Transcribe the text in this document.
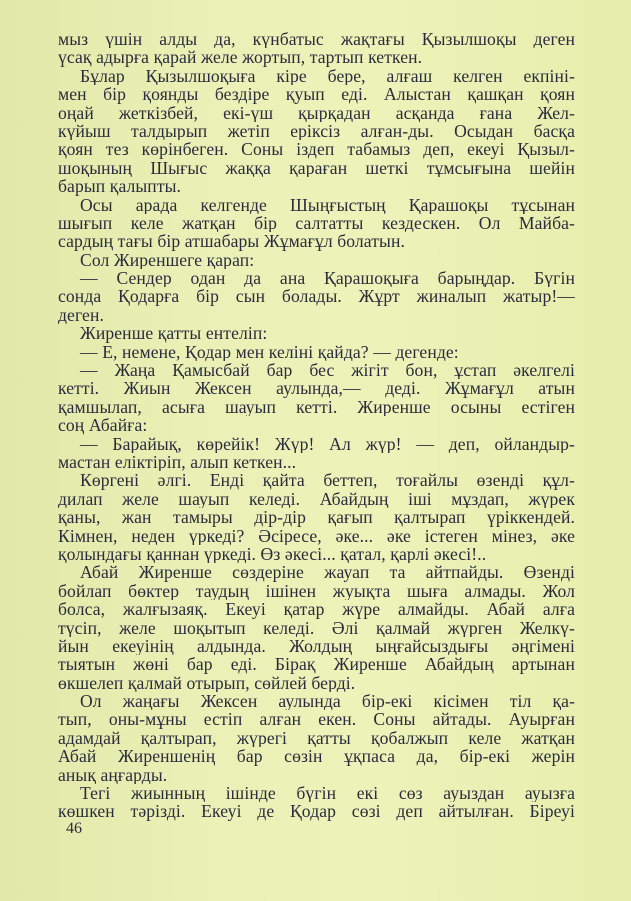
мыз үшін алды да, күнбатыс жақтағы Қызылшоқы деген
үсақ адырға қарай желе жортып, тартып кеткен.
Бұлар Қызылшоқыға кіре бере, алғаш келген екпіні-
мен бір қоянды бездіре қуып еді. Алыстан қашқан қоян
оңай жеткізбей, екі-үш қырқадан асқанда ғана Жел-
күйыш талдырып жетіп еріксіз алған-ды. Осыдан басқа
қоян тез көрінбеген. Соны іздеп табамыз деп, екеуі Қызыл-
шоқының Шығыс жаққа қараған шеткі тұмсығына шейін
барып қалыпты.
Осы арада келгенде Шыңғыстың Қарашоқы тұсынан
шығып келе жатқан бір салтатты кездескен. Ол Майба-
сардың тағы бір атшабары Жұмағұл болатын.
Сол Жиреншеге қарап:
— Сендер одан да ана Қарашоқыға барыңдар. Бүгін
сонда Қодарға бір сын болады. Жұрт жиналып жатыр!—
деген.
Жиренше қатты ентеліп:
— Е, немене, Қодар мен келіні қайда? — дегенде:
— Жаңа Қамысбай бар бес жігіт бон, ұстап әкелгелі
кетті. Жиын Жексен аулында,— деді. Жұмағұл атын
қамшылап, асыға шауып кетті. Жиренше осыны естіген
соң Абайға:
— Барайық, көрейік! Жүр! Ал жүр! — деп, ойландыр-
мастан еліктіріп, алып кеткен...
Көргені әлгі. Енді қайта беттеп, тоғайлы өзенді құл-
дилап желе шауып келеді. Абайдың іші мұздап, жүрек
қаны, жан тамыры дір-дір қағып қалтырап үріккендей.
Кімнен, неден үркеді? Әсіресе, әке... әке істеген мінез, әке
қолындағы қаннан үркеді. Өз әкесі... қатал, қарлі әкесі!..
Абай Жиренше сөздеріне жауап та айтпайды. Өзенді
бойлап бөктер таудың ішінен жуықта шыға алмады. Жол
болса, жалғызаяқ. Екеуі қатар жүре алмайды. Абай алға
түсіп, желе шоқытып келеді. Әлі қалмай жүрген Желкү-
йын екеуінің алдында. Жолдың ыңғайсыздығы әңгімені
тыятын жөні бар еді. Бірақ Жиренше Абайдың артынан
өкшелеп қалмай отырып, сөйлей берді.
Ол жаңағы Жексен аулында бір-екі кісімен тіл қа-
тып, оны-мұны естіп алған екен. Соны айтады. Ауырған
адамдай қалтырап, жүрегі қатты қобалжып келе жатқан
Абай Жиреншенің бар сөзін ұқпаса да, бір-екі жерін
анық аңғарды.
Тегі жиынның ішінде бүгін екі сөз ауыздан ауызға
көшкен тәрізді. Екеуі де Қодар сөзі деп айтылған. Біреуі
46
